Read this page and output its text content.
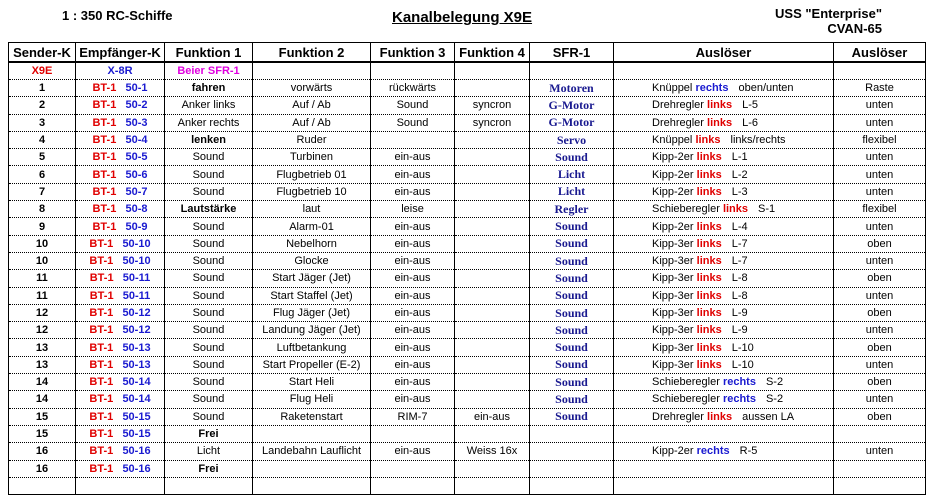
1 : 350 RC-Schiffe	Kanalbelegung X9E	USS "Enterprise"
CVAN-65
Sender-K	Empfänger-K	Funktion 1	Funktion 2	Funktion 3	Funktion 4	SFR-1	Auslöser	Auslöser
X9E	X-8R	Beier SFR-1						
1	BT-1 50-1	fahren	vorwärts	rückwärts		Motoren	Knüppel rechts oben/unten	Raste
2	BT-1 50-2	Anker links	Auf / Ab	Sound	syncron	G-Motor	Drehregler links L-5	unten
3	BT-1 50-3	Anker rechts	Auf / Ab	Sound	syncron	G-Motor	Drehregler links L-6	unten
4	BT-1 50-4	lenken	Ruder			Servo	Knüppel links links/rechts	flexibel
5	BT-1 50-5	Sound	Turbinen	ein-aus		Sound	Kipp-2er links L-1	unten
6	BT-1 50-6	Sound	Flugbetrieb 01	ein-aus		Licht	Kipp-2er links L-2	unten
7	BT-1 50-7	Sound	Flugbetrieb 10	ein-aus		Licht	Kipp-2er links L-3	unten
8	BT-1 50-8	Lautstärke	laut	leise		Regler	Schieberegler links S-1	flexibel
9	BT-1 50-9	Sound	Alarm-01	ein-aus		Sound	Kipp-2er links L-4	unten
10	BT-1 50-10	Sound	Nebelhorn	ein-aus		Sound	Kipp-3er links L-7	oben
10	BT-1 50-10	Sound	Glocke	ein-aus		Sound	Kipp-3er links L-7	unten
11	BT-1 50-11	Sound	Start Jäger (Jet)	ein-aus		Sound	Kipp-3er links L-8	oben
11	BT-1 50-11	Sound	Start Staffel (Jet)	ein-aus		Sound	Kipp-3er links L-8	unten
12	BT-1 50-12	Sound	Flug Jäger (Jet)	ein-aus		Sound	Kipp-3er links L-9	oben
12	BT-1 50-12	Sound	Landung Jäger (Jet)	ein-aus		Sound	Kipp-3er links L-9	unten
13	BT-1 50-13	Sound	Luftbetankung	ein-aus		Sound	Kipp-3er links L-10	oben
13	BT-1 50-13	Sound	Start Propeller (E-2)	ein-aus		Sound	Kipp-3er links L-10	unten
14	BT-1 50-14	Sound	Start Heli	ein-aus		Sound	Schieberegler rechts S-2	oben
14	BT-1 50-14	Sound	Flug Heli	ein-aus		Sound	Schieberegler rechts S-2	unten
15	BT-1 50-15	Sound	Raketenstart	RIM-7	ein-aus	Sound	Drehregler links aussen LA	oben
15	BT-1 50-15	Frei						
16	BT-1 50-16	Licht	Landebahn Lauflicht	ein-aus	Weiss 16x		Kipp-2er rechts R-5	unten
16	BT-1 50-16	Frei						
